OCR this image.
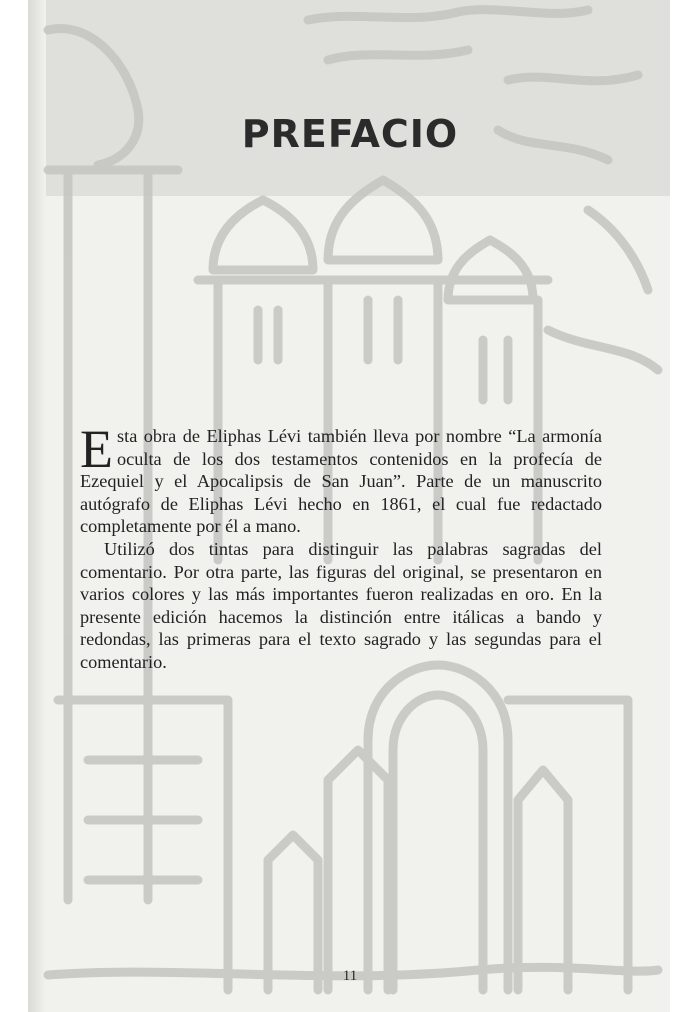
PREFACIO

Esta obra de Eliphas Lévi también lleva por nombre “La armonía oculta de los dos testamentos contenidos en la profecía de Ezequiel y el Apocalipsis de San Juan”. Parte de un manuscrito autógrafo de Eliphas Lévi hecho en 1861, el cual fue redactado completamente por él a mano.

Utilizó dos tintas para distinguir las palabras sagradas del comentario. Por otra parte, las figuras del original, se presentaron en varios colores y las más importantes fueron realizadas en oro. En la presente edición hacemos la distinción entre itálicas a bando y redondas, las primeras para el texto sagrado y las segundas para el comentario.

11
